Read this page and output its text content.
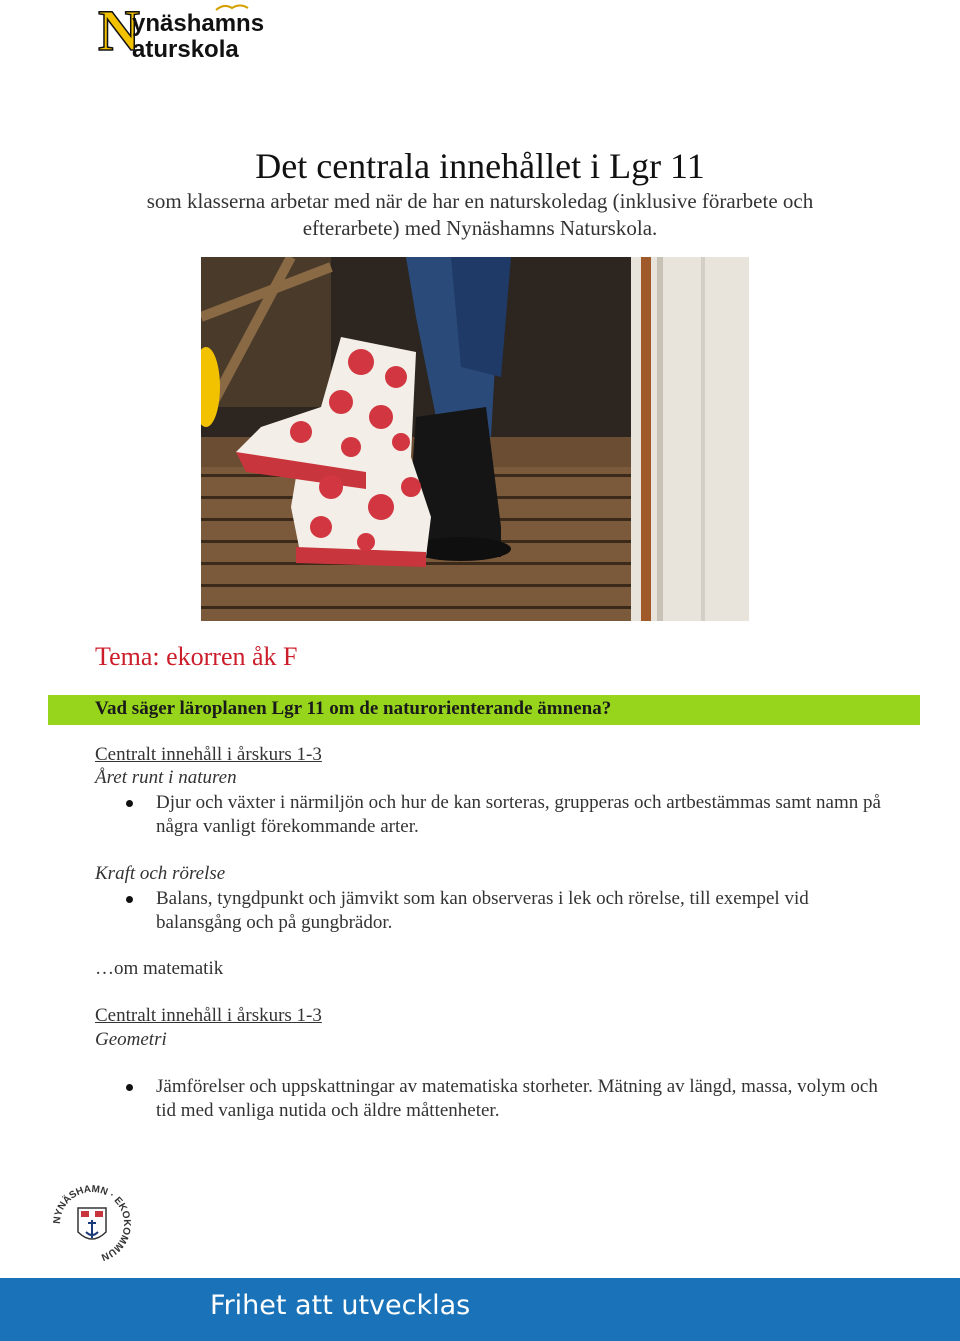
N
ynäshamns
aturskola
Det centrala innehållet i Lgr 11
som klasserna arbetar med när de har en naturskoledag (inklusive förarbete och efterarbete) med Nynäshamns Naturskola.
Tema: ekorren åk F
Vad säger läroplanen Lgr 11 om de naturorienterande ämnena?
Centralt innehåll i årskurs 1-3
Året runt i naturen
Djur och växter i närmiljön och hur de kan sorteras, grupperas och artbestämmas samt namn på några vanligt förekommande arter.
Kraft och rörelse
Balans, tyngdpunkt och jämvikt som kan observeras i lek och rörelse, till exempel vid balansgång och på gungbrädor.
…om matematik
Centralt innehåll i årskurs 1-3
Geometri
Jämförelser och uppskattningar av matematiska storheter. Mätning av längd, massa, volym och tid med vanliga nutida och äldre måttenheter.
NYNÄSHAMN · EKOKOMMUN
Frihet att utvecklas
